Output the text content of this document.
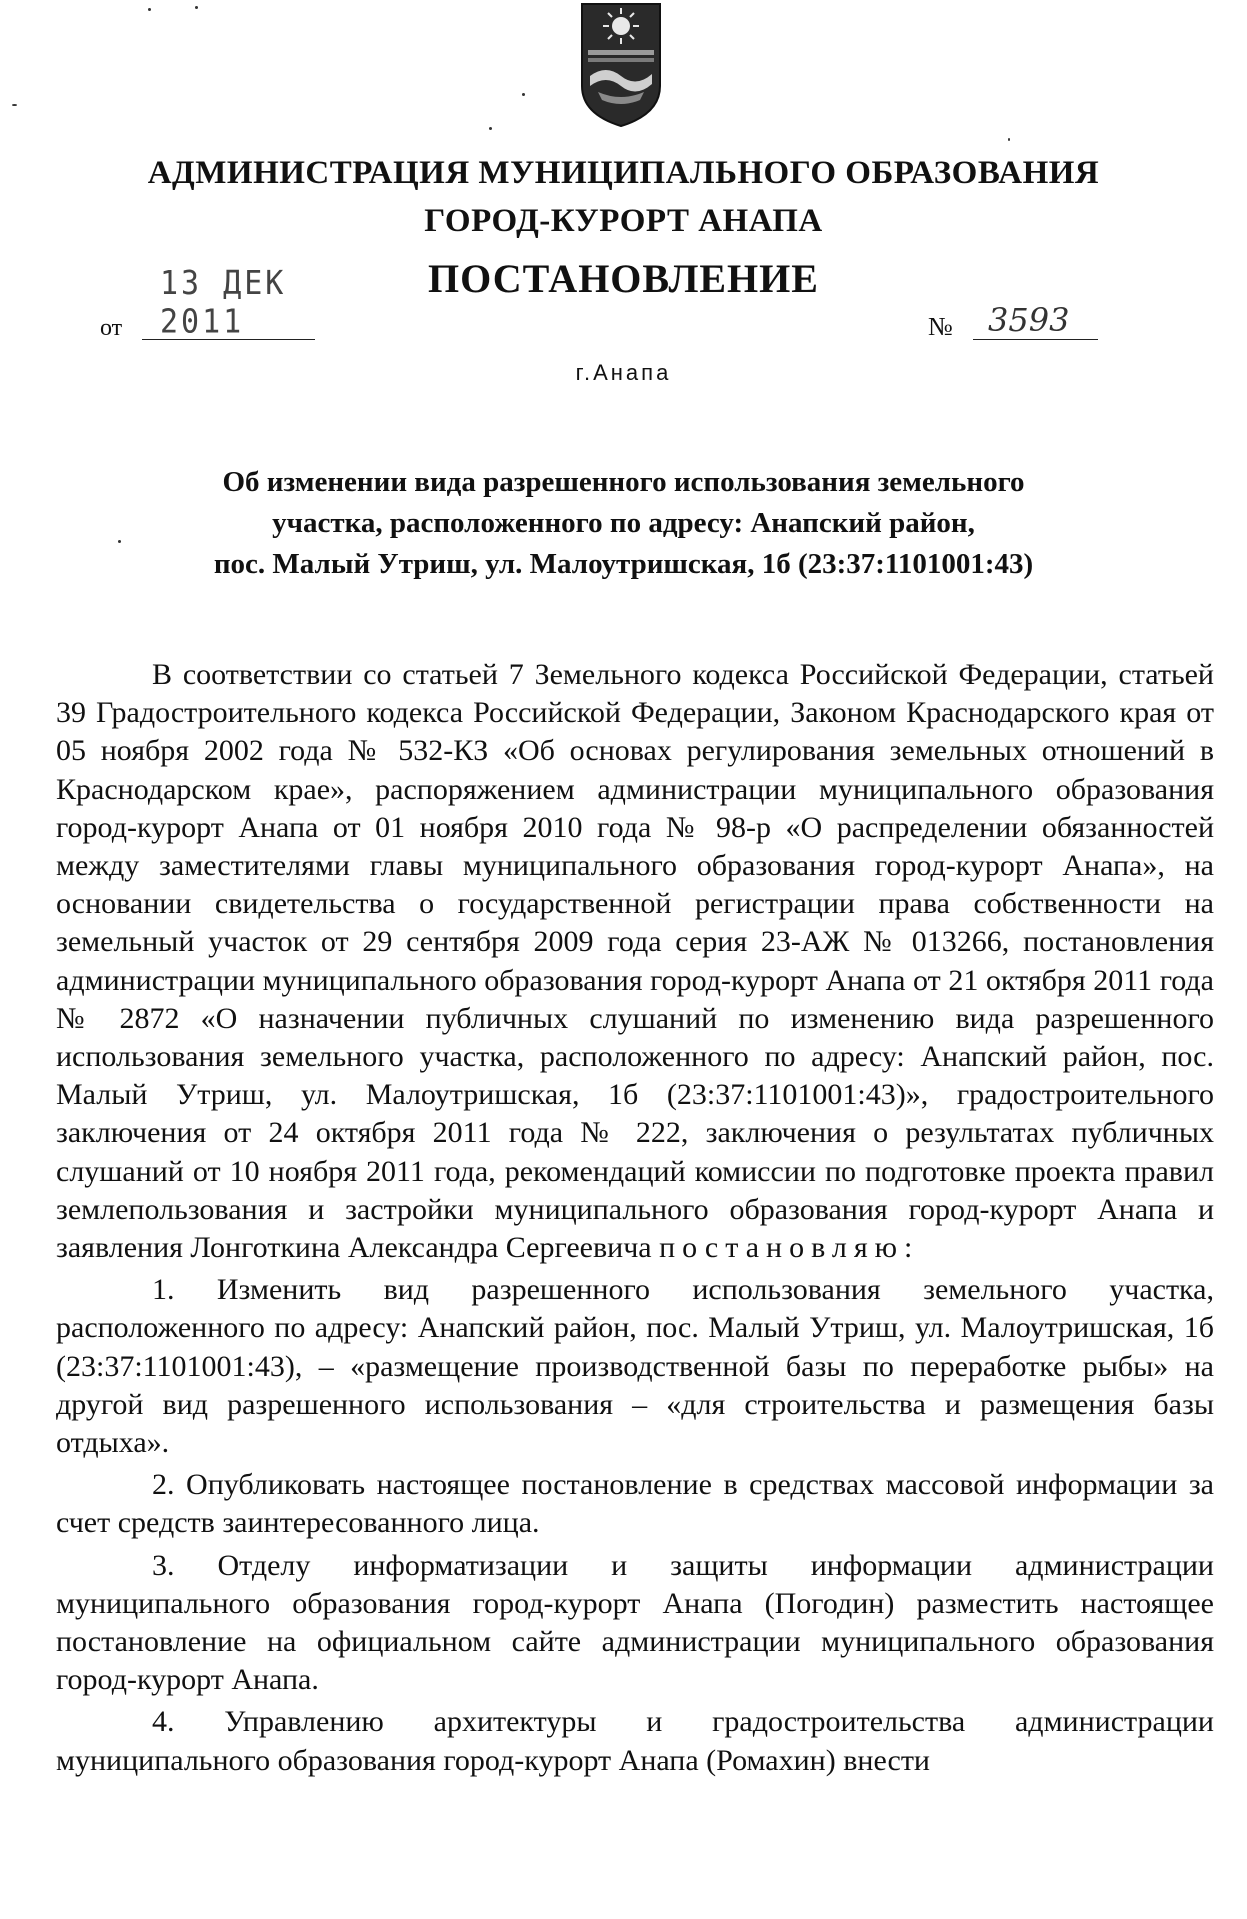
АДМИНИСТРАЦИЯ МУНИЦИПАЛЬНОГО ОБРАЗОВАНИЯ
ГОРОД-КУРОРТ АНАПА
ПОСТАНОВЛЕНИЕ
от
13 ДЕК 2011	№ 3593
г.Анапа
Об изменении вида разрешенного использования земельного
участка, расположенного по адресу: Анапский район,
пос. Малый Утриш, ул. Малоутришская, 1б (23:37:1101001:43)

В соответствии со статьей 7 Земельного кодекса Российской Федерации, статьей 39 Градостроительного кодекса Российской Федерации, Законом Краснодарского края от 05 ноября 2002 года № 532-КЗ «Об основах регулирования земельных отношений в Краснодарском крае», распоряжением администрации муниципального образования город-курорт Анапа от 01 ноября 2010 года № 98-р «О распределении обязанностей между заместителями главы муниципального образования город-курорт Анапа», на основании свидетельства о государственной регистрации права собственности на земельный участок от 29 сентября 2009 года серия 23-АЖ № 013266, постановления администрации муниципального образования город-курорт Анапа от 21 октября 2011 года № 2872 «О назначении публичных слушаний по изменению вида разрешенного использования земельного участка, расположенного по адресу: Анапский район, пос. Малый Утриш, ул. Малоутришская, 1б (23:37:1101001:43)», градостроительного заключения от 24 октября 2011 года № 222, заключения о результатах публичных слушаний от 10 ноября 2011 года, рекомендаций комиссии по подготовке проекта правил землепользования и застройки муниципального образования город-курорт Анапа и заявления Лонготкина Александра Сергеевича постановляю:

1. Изменить вид разрешенного использования земельного участка, расположенного по адресу: Анапский район, пос. Малый Утриш, ул. Малоутришская, 1б (23:37:1101001:43), – «размещение производственной базы по переработке рыбы» на другой вид разрешенного использования – «для строительства и размещения базы отдыха».

2. Опубликовать настоящее постановление в средствах массовой информации за счет средств заинтересованного лица.

3. Отделу информатизации и защиты информации администрации муниципального образования город-курорт Анапа (Погодин) разместить настоящее постановление на официальном сайте администрации муниципального образования город-курорт Анапа.

4. Управлению архитектуры и градостроительства администрации муниципального образования город-курорт Анапа (Ромахин) внести
